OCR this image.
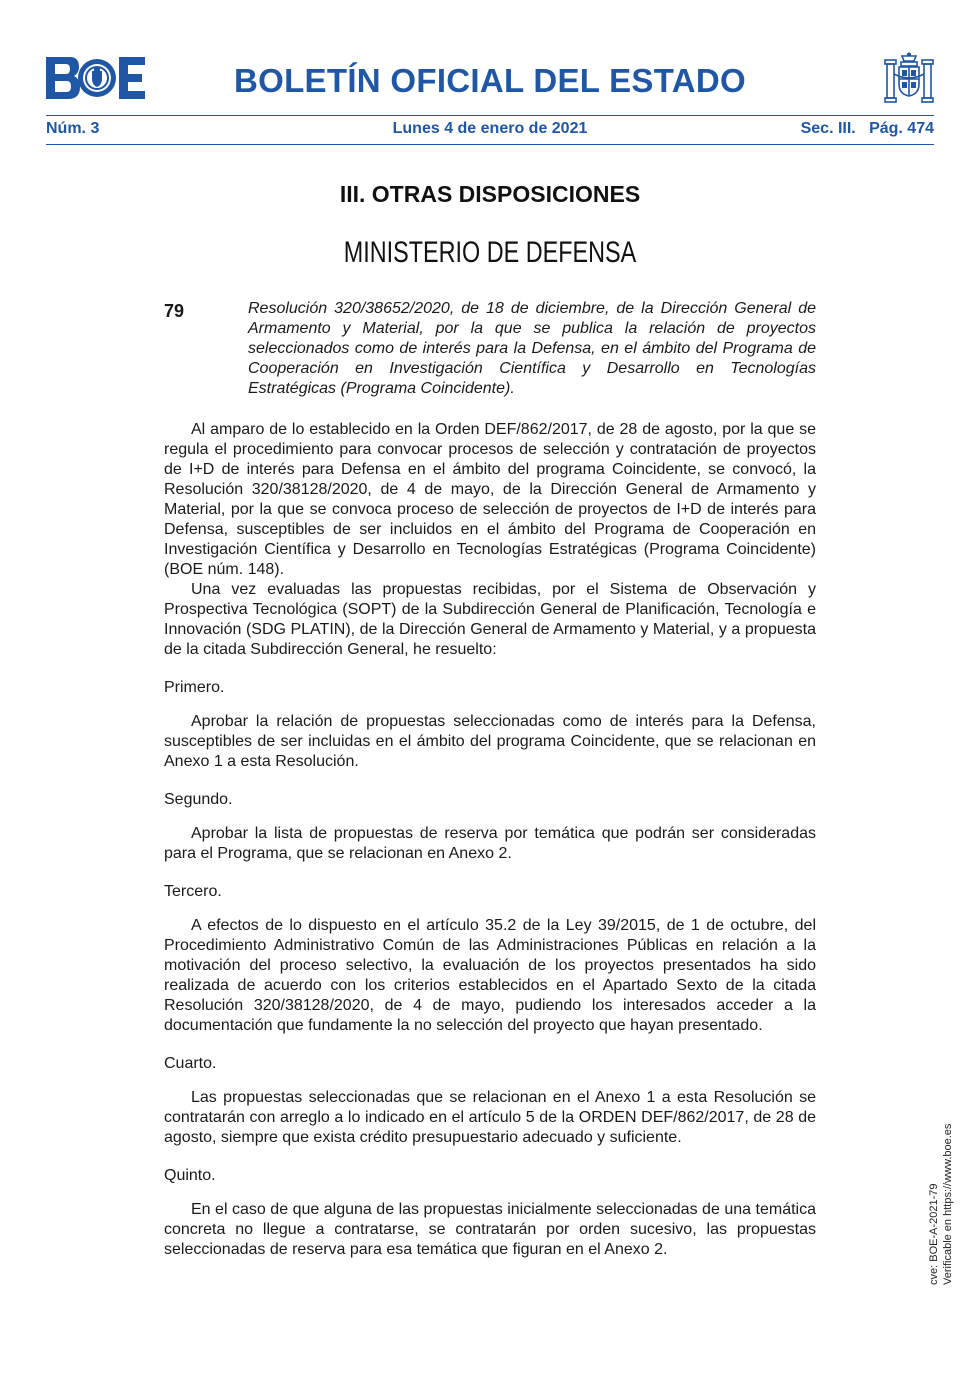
BOLETÍN OFICIAL DEL ESTADO
Núm. 3	Lunes 4 de enero de 2021	Sec. III.   Pág. 474
III. OTRAS DISPOSICIONES
MINISTERIO DE DEFENSA
79	Resolución 320/38652/2020, de 18 de diciembre, de la Dirección General de Armamento y Material, por la que se publica la relación de proyectos seleccionados como de interés para la Defensa, en el ámbito del Programa de Cooperación en Investigación Científica y Desarrollo en Tecnologías Estratégicas (Programa Coincidente).

Al amparo de lo establecido en la Orden DEF/862/2017, de 28 de agosto, por la que se regula el procedimiento para convocar procesos de selección y contratación de proyectos de I+D de interés para Defensa en el ámbito del programa Coincidente, se convocó, la Resolución 320/38128/2020, de 4 de mayo, de la Dirección General de Armamento y Material, por la que se convoca proceso de selección de proyectos de I+D de interés para Defensa, susceptibles de ser incluidos en el ámbito del Programa de Cooperación en Investigación Científica y Desarrollo en Tecnologías Estratégicas (Programa Coincidente) (BOE núm. 148).

Una vez evaluadas las propuestas recibidas, por el Sistema de Observación y Prospectiva Tecnológica (SOPT) de la Subdirección General de Planificación, Tecnología e Innovación (SDG PLATIN), de la Dirección General de Armamento y Material, y a propuesta de la citada Subdirección General, he resuelto:

Primero.

Aprobar la relación de propuestas seleccionadas como de interés para la Defensa, susceptibles de ser incluidas en el ámbito del programa Coincidente, que se relacionan en Anexo 1 a esta Resolución.

Segundo.

Aprobar la lista de propuestas de reserva por temática que podrán ser consideradas para el Programa, que se relacionan en Anexo 2.

Tercero.

A efectos de lo dispuesto en el artículo 35.2 de la Ley 39/2015, de 1 de octubre, del Procedimiento Administrativo Común de las Administraciones Públicas en relación a la motivación del proceso selectivo, la evaluación de los proyectos presentados ha sido realizada de acuerdo con los criterios establecidos en el Apartado Sexto de la citada Resolución 320/38128/2020, de 4 de mayo, pudiendo los interesados acceder a la documentación que fundamente la no selección del proyecto que hayan presentado.

Cuarto.

Las propuestas seleccionadas que se relacionan en el Anexo 1 a esta Resolución se contratarán con arreglo a lo indicado en el artículo 5 de la ORDEN DEF/862/2017, de 28 de agosto, siempre que exista crédito presupuestario adecuado y suficiente.

Quinto.

En el caso de que alguna de las propuestas inicialmente seleccionadas de una temática concreta no llegue a contratarse, se contratarán por orden sucesivo, las propuestas seleccionadas de reserva para esa temática que figuran en el Anexo 2.	cve: BOE-A-2021-79 Verificable en https://www.boe.es
